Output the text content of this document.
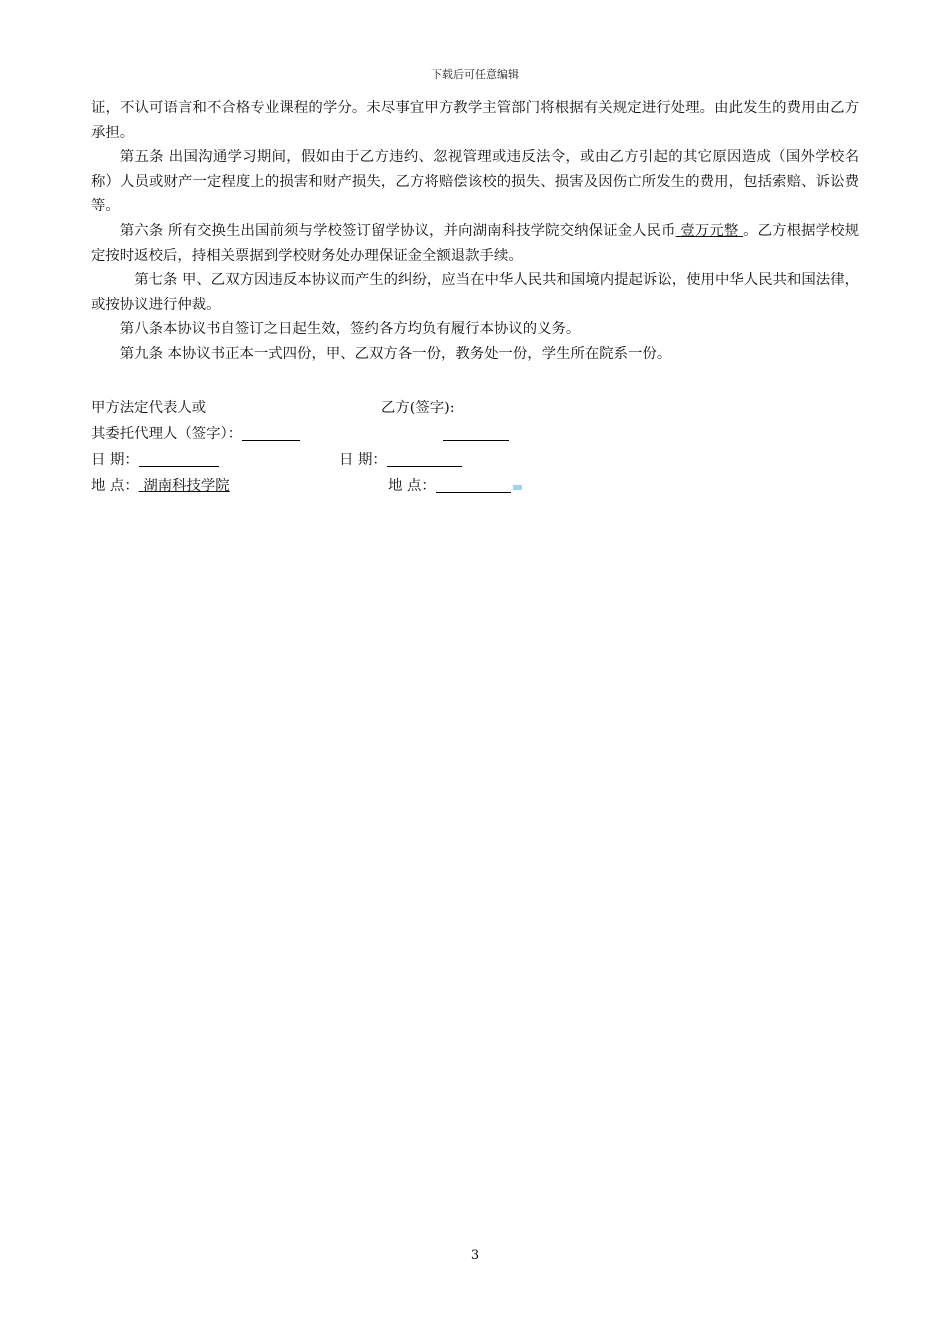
下载后可任意编辑

证，不认可语言和不合格专业课程的学分。未尽事宜甲方教学主管部门将根据有关规定进行处理。由此发生的费用由乙方承担。

第五条 出国沟通学习期间，假如由于乙方违约、忽视管理或违反法令，或由乙方引起的其它原因造成（国外学校名称）人员或财产一定程度上的损害和财产损失，乙方将赔偿该校的损失、损害及因伤亡所发生的费用，包括索赔、诉讼费等。

第六条 所有交换生出国前须与学校签订留学协议，并向湖南科技学院交纳保证金人民币 壹万元整 。乙方根据学校规定按时返校后，持相关票据到学校财务处办理保证金全额退款手续。

第七条 甲、乙双方因违反本协议而产生的纠纷，应当在中华人民共和国境内提起诉讼，使用中华人民共和国法律，或按协议进行仲裁。

第八条本协议书自签订之日起生效，签约各方均负有履行本协议的义务。

第九条 本协议书正本一式四份，甲、乙双方各一份，教务处一份，学生所在院系一份。

甲方法定代表人或	乙方(签字):
其委托代理人（签字）：
日 期：	日 期：
地 点： 湖南科技学院	地 点：
3
